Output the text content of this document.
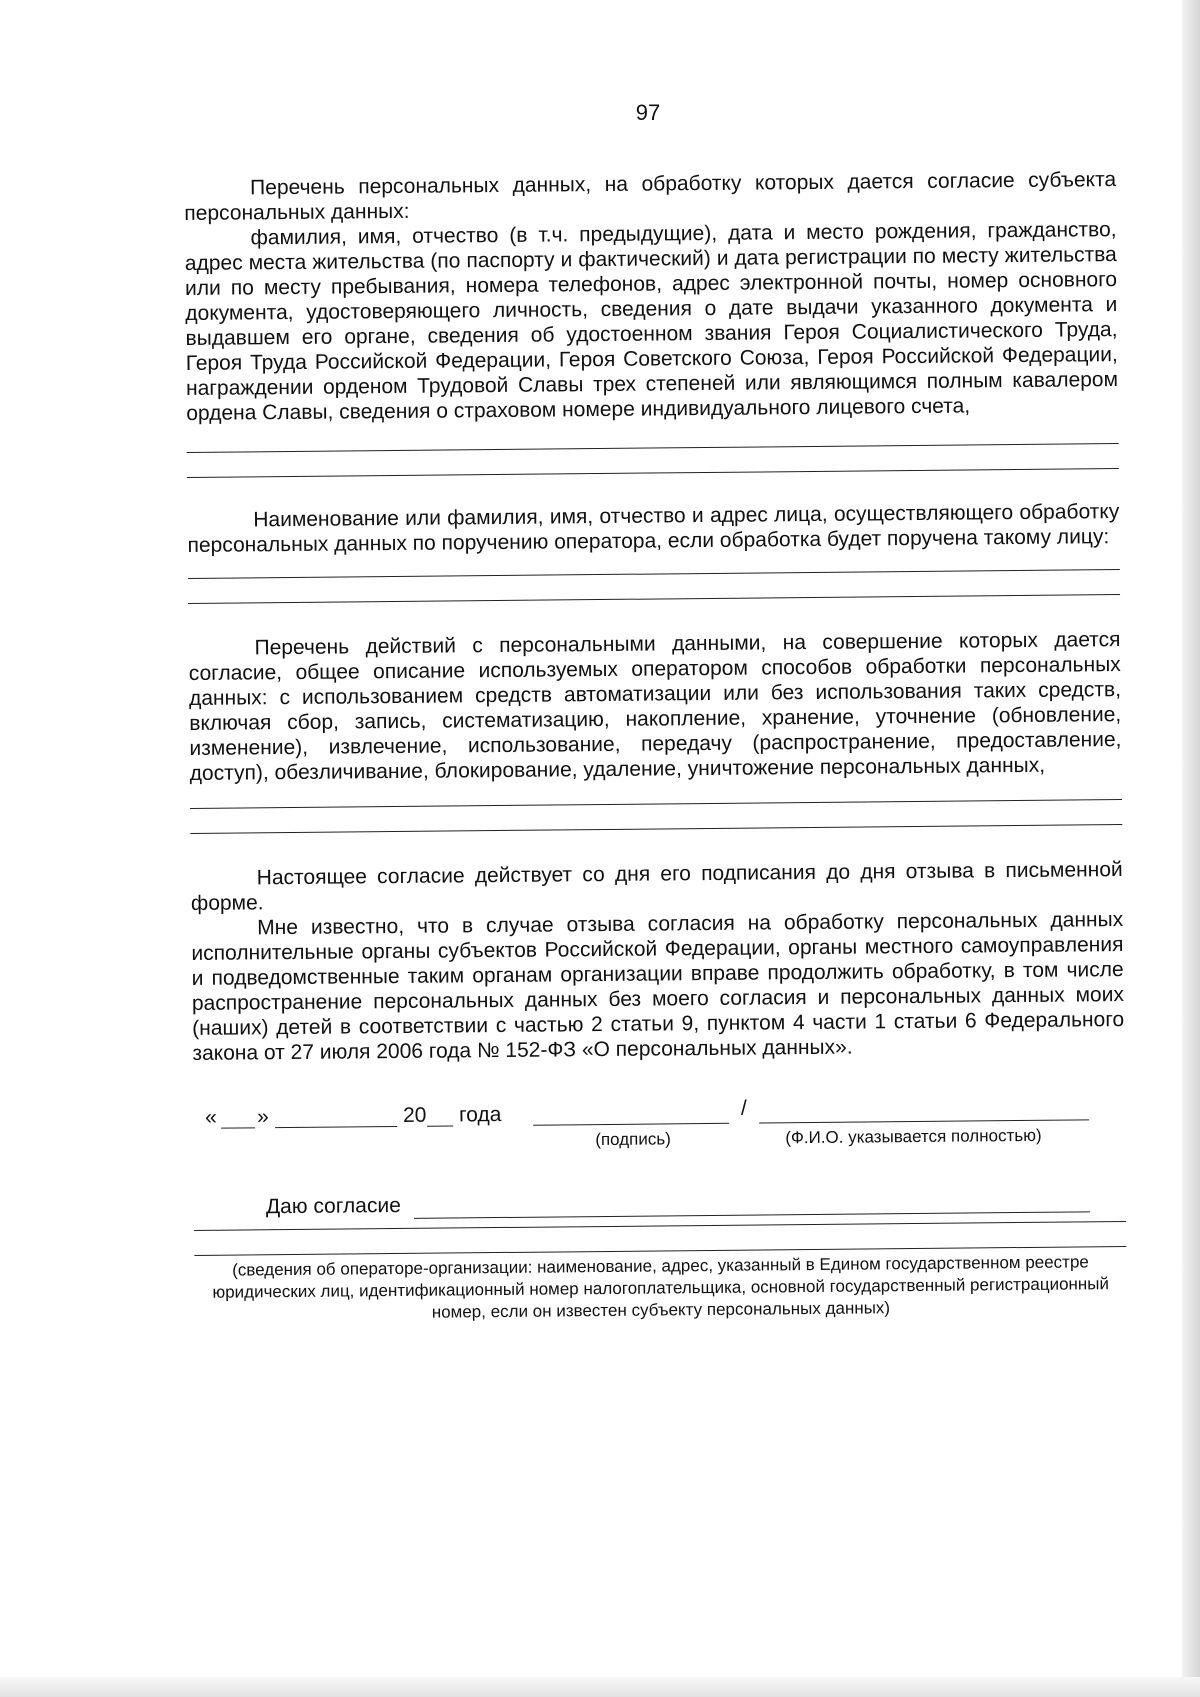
97

Перечень персональных данных, на обработку которых дается согласие субъекта персональных данных:

фамилия, имя, отчество (в т.ч. предыдущие), дата и место рождения, гражданство, адрес места жительства (по паспорту и фактический) и дата регистрации по месту жительства или по месту пребывания, номера телефонов, адрес электронной почты, номер основного документа, удостоверяющего личность, сведения о дате выдачи указанного документа и выдавшем его органе, сведения об удостоенном звания Героя Социалистического Труда, Героя Труда Российской Федерации, Героя Советского Союза, Героя Российской Федерации, награждении орденом Трудовой Славы трех степеней или являющимся полным кавалером ордена Славы, сведения о страховом номере индивидуального лицевого счета,

Наименование или фамилия, имя, отчество и адрес лица, осуществляющего обработку персональных данных по поручению оператора, если обработка будет поручена такому лицу:

Перечень действий с персональными данными, на совершение которых дается согласие, общее описание используемых оператором способов обработки персональных данных: с использованием средств автоматизации или без использования таких средств, включая сбор, запись, систематизацию, накопление, хранение, уточнение (обновление, изменение), извлечение, использование, передачу (распространение, предоставление, доступ), обезличивание, блокирование, удаление, уничтожение персональных данных,

Настоящее согласие действует со дня его подписания до дня отзыва в письменной форме.

Мне известно, что в случае отзыва согласия на обработку персональных данных исполнительные органы субъектов Российской Федерации, органы местного самоуправления и подведомственные таким органам организации вправе продолжить обработку, в том числе распространение персональных данных без моего согласия и персональных данных моих (наших) детей в соответствии с частью 2 статьи 9, пунктом 4 части 1 статьи 6 Федерального закона от 27 июля 2006 года № 152-ФЗ «О персональных данных».

« »	20 года	/
(подпись)	(Ф.И.О. указывается полностью)
Даю согласие

(сведения об операторе-организации: наименование, адрес, указанный в Едином государственном реестре юридических лиц, идентификационный номер налогоплательщика, основной государственный регистрационный номер, если он известен субъекту персональных данных)
